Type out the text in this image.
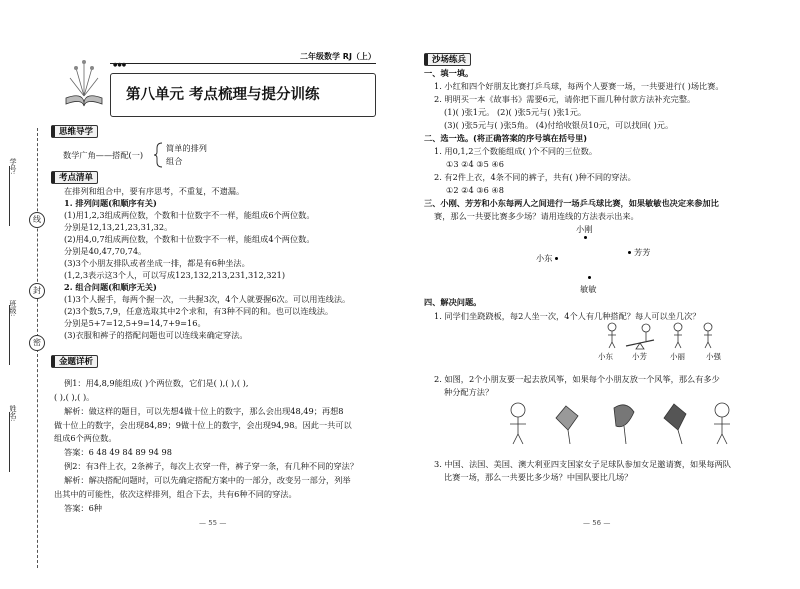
学号:
班级:
姓名:
线
封
密
●●●
二年级数学 RJ（上）
第八单元 考点梳理与提分训练
思维导学
数学广角——搭配(一)
简单的排列
组合
考点清单
在排列和组合中，要有序思考，不重复，不遗漏。
1. 排列问题(和顺序有关)
(1)用1,2,3组成两位数，个数和十位数字不一样，能组成6个两位数。
分别是12,13,21,23,31,32。
(2)用4,0,7组成两位数，个数和十位数字不一样，能组成4个两位数。
分别是40,47,70,74。
(3)3个小朋友排队或者坐成一排，都是有6种坐法。
(1,2,3表示这3个人，可以写成123,132,213,231,312,321)
2. 组合问题(和顺序无关)
(1)3个人握手，每两个握一次，一共握3次，4个人就要握6次。可以用连线法。
(2)3个数5,7,9，任意选取其中2个求和，有3种不同的和。也可以连线法。
分别是5+7=12,5+9=14,7+9=16。
(3)衣服和裤子的搭配问题也可以连线来确定穿法。
金题详析
例1：用4,8,9能组成( )个两位数，它们是( ),( ),( ),
( ),( ),( )。
解析：做这样的题目，可以先想4做十位上的数字，那么会出现48,49；再想8
做十位上的数字，会出现84,89；9做十位上的数字，会出现94,98。因此一共可以
组成6个两位数。
答案：6 48 49 84 89 94 98
例2：有3件上衣，2条裤子，每次上衣穿一件，裤子穿一条，有几种不同的穿法？
解析：解决搭配问题时，可以先确定搭配方案中的一部分，改变另一部分，列举
出其中的可能性，依次这样排列，组合下去，共有6种不同的穿法。
答案：6种
— 55 —
沙场练兵
一、填一填。
1. 小红和四个好朋友比赛打乒乓球，每两个人要赛一场，一共要进行( )场比赛。
2. 明明买一本《故事书》需要6元，请你把下面几种付款方法补充完整。
(1)( )张1元。 (2)( )张5元与( )张1元。
(3)( )张5元与( )张5角。 (4)付给收银员10元，可以找回( )元。
二、选一选。(将正确答案的序号填在括号里)
1. 用0,1,2三个数能组成( )个不同的三位数。
①3 ②4 ③5 ④6
2. 有2件上衣，4条不同的裤子，共有( )种不同的穿法。
①2 ②4 ③6 ④8
三、小刚、芳芳和小东每两人之间进行一场乒乓球比赛，如果敏敏也决定来参加比
赛，那么一共要比赛多少场？请用连线的方法表示出来。
小刚
小东
芳芳
敏敏
四、解决问题。
1. 同学们坐跷跷板，每2人坐一次，4个人有几种搭配？每人可以坐几次？
小东	小芳	小丽	小强
2. 如图，2个小朋友要一起去放风筝，如果每个小朋友放一个风筝，那么有多少
种分配方法？
3. 中国、法国、美国、澳大利亚四支国家女子足球队参加女足邀请赛，如果每两队
比赛一场，那么一共要比多少场？中国队要比几场？
— 56 —
